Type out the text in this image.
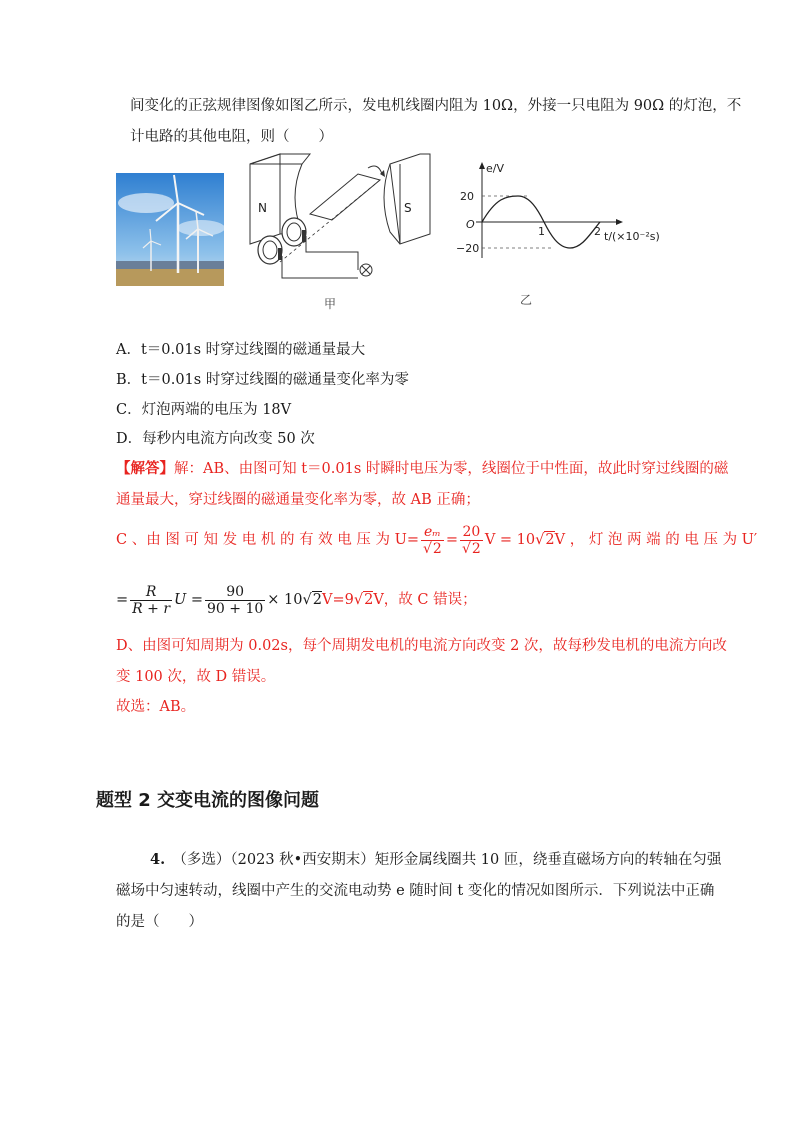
间变化的正弦规律图像如图乙所示，发电机线圈内阻为 10Ω，外接一只电阻为 90Ω 的灯泡，不
计电路的其他电阻，则（　　）
N	S
甲
e/V
20
−20
O
1	2 t/(×10⁻²s)
乙
A．t＝0.01s 时穿过线圈的磁通量最大
B．t＝0.01s 时穿过线圈的磁通量变化率为零
C．灯泡两端的电压为 18V
D．每秒内电流方向改变 50 次
【解答】解：AB、由图可知 t＝0.01s 时瞬时电压为零，线圈位于中性面，故此时穿过线圈的磁
通量最大，穿过线圈的磁通量变化率为零，故 AB 正确；
C 、由 图 可 知 发 电 机 的 有 效 电 压 为 $U= \frac{\text{eₘ}}{√2} = \frac{20}{√2}$ V = 10√2V ， 灯 泡 两 端 的 电 压 为 U′
= $\frac{R}{R + r}$ $U = \frac{90}{90 + 10} \times 10√2V=9√2V$，故 C 错误；
D、由图可知周期为 0.02s，每个周期发电机的电流方向改变 2 次，故每秒发电机的电流方向改
变 100 次，故 D 错误。
故选：AB。
题型 2 交变电流的图像问题
4.　 （多选）（2023 秋•西安期末）矩形金属线圈共 10 匝，绕垂直磁场方向的转轴在匀强
磁场中匀速转动，线圈中产生的交流电动势 e 随时间 t 变化的情况如图所示．下列说法中正确
的是（　　）
